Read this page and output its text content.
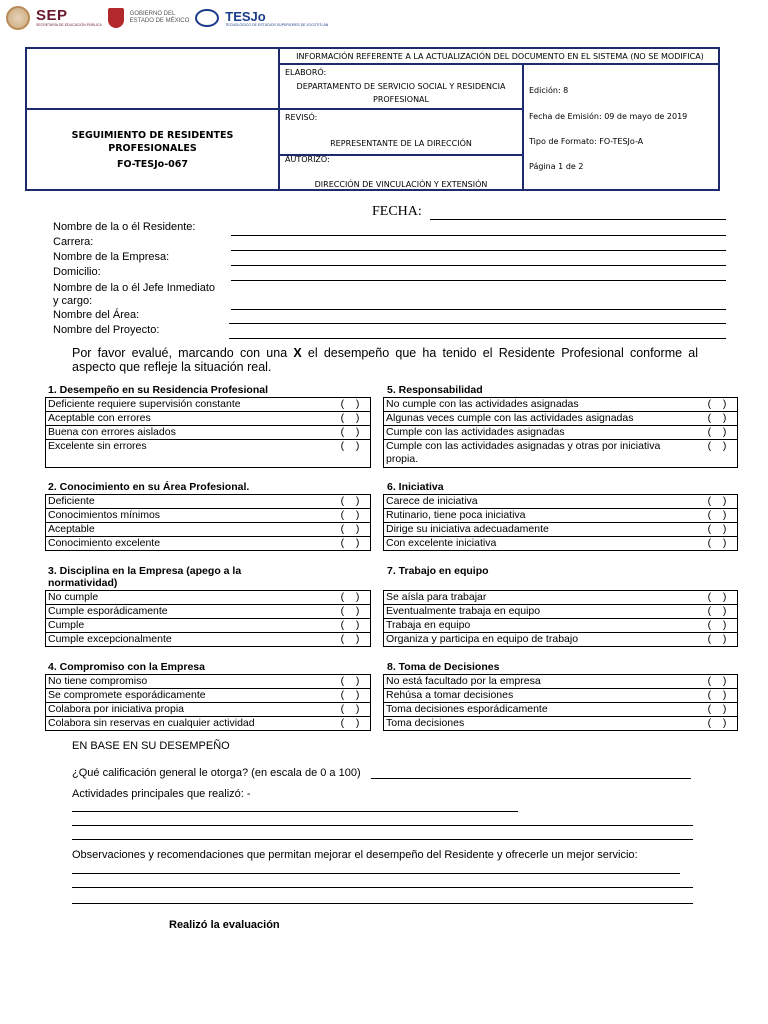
SEP
SECRETARÍA DE EDUCACIÓN PÚBLICA
GOBIERNO DEL
ESTADO DE MÉXICO	TESJo
TECNOLÓGICO DE ESTUDIOS SUPERIORES DE JOCOTITLÁN
INFORMACIÓN REFERENTE A LA ACTUALIZACIÓN DEL DOCUMENTO EN EL SISTEMA (NO SE MODIFICA)
SEGUIMIENTO DE RESIDENTES PROFESIONALES
FO-TESJo-067
ELABORÓ:
DEPARTAMENTO DE SERVICIO SOCIAL Y RESIDENCIA PROFESIONAL
REVISÓ:
REPRESENTANTE DE LA DIRECCIÓN
AUTORIZÓ:
DIRECCIÓN DE VINCULACIÓN Y EXTENSIÓN
Edición: 8
Fecha de Emisión: 09 de mayo de 2019
Tipo de Formato: FO-TESJo-A
Página 1 de 2
FECHA:
Nombre de la o él Residente:
Carrera:
Nombre de la Empresa:
Domicilio:
Nombre de la o él Jefe Inmediato
y cargo:
Nombre del Área:
Nombre del Proyecto:
Por favor evalué, marcando con una X el desempeño que ha tenido el Residente Profesional conforme al aspecto que refleje la situación real.
1. Desempeño en su Residencia Profesional
Deficiente requiere supervisión constante	(    )
Aceptable con errores	(    )
Buena con errores aislados	(    )
Excelente sin errores	(    )
5. Responsabilidad
No cumple con las actividades asignadas	(    )
Algunas veces cumple con las actividades asignadas	(    )
Cumple con las actividades asignadas	(    )
Cumple con las actividades asignadas y otras por iniciativa
propia.
(    )
2. Conocimiento en su Área Profesional.
Deficiente	(    )
Conocimientos mínimos	(    )
Aceptable	(    )
Conocimiento excelente	(    )
6. Iniciativa
Carece de iniciativa	(    )
Rutinario, tiene poca iniciativa	(    )
Dirige su iniciativa adecuadamente	(    )
Con excelente iniciativa	(    )
3. Disciplina en la Empresa (apego a la
normatividad)
No cumple	(    )
Cumple esporádicamente	(    )
Cumple	(    )
Cumple excepcionalmente	(    )
7. Trabajo en equipo
Se aísla para trabajar	(    )
Eventualmente trabaja en equipo	(    )
Trabaja en equipo	(    )
Organiza y participa en equipo de trabajo	(    )
4. Compromiso con la Empresa
No tiene compromiso	(    )
Se compromete esporádicamente	(    )
Colabora por iniciativa propia	(    )
Colabora sin reservas en cualquier actividad	(    )
8. Toma de Decisiones
No está facultado por la empresa	(    )
Rehúsa a tomar decisiones	(    )
Toma decisiones esporádicamente	(    )
Toma decisiones	(    )
EN BASE EN SU DESEMPEÑO
¿Qué calificación general le otorga? (en escala de 0 a 100)
Actividades principales que realizó: -
Observaciones y recomendaciones que permitan mejorar el desempeño del Residente y ofrecerle un mejor servicio:
Realizó la evaluación
